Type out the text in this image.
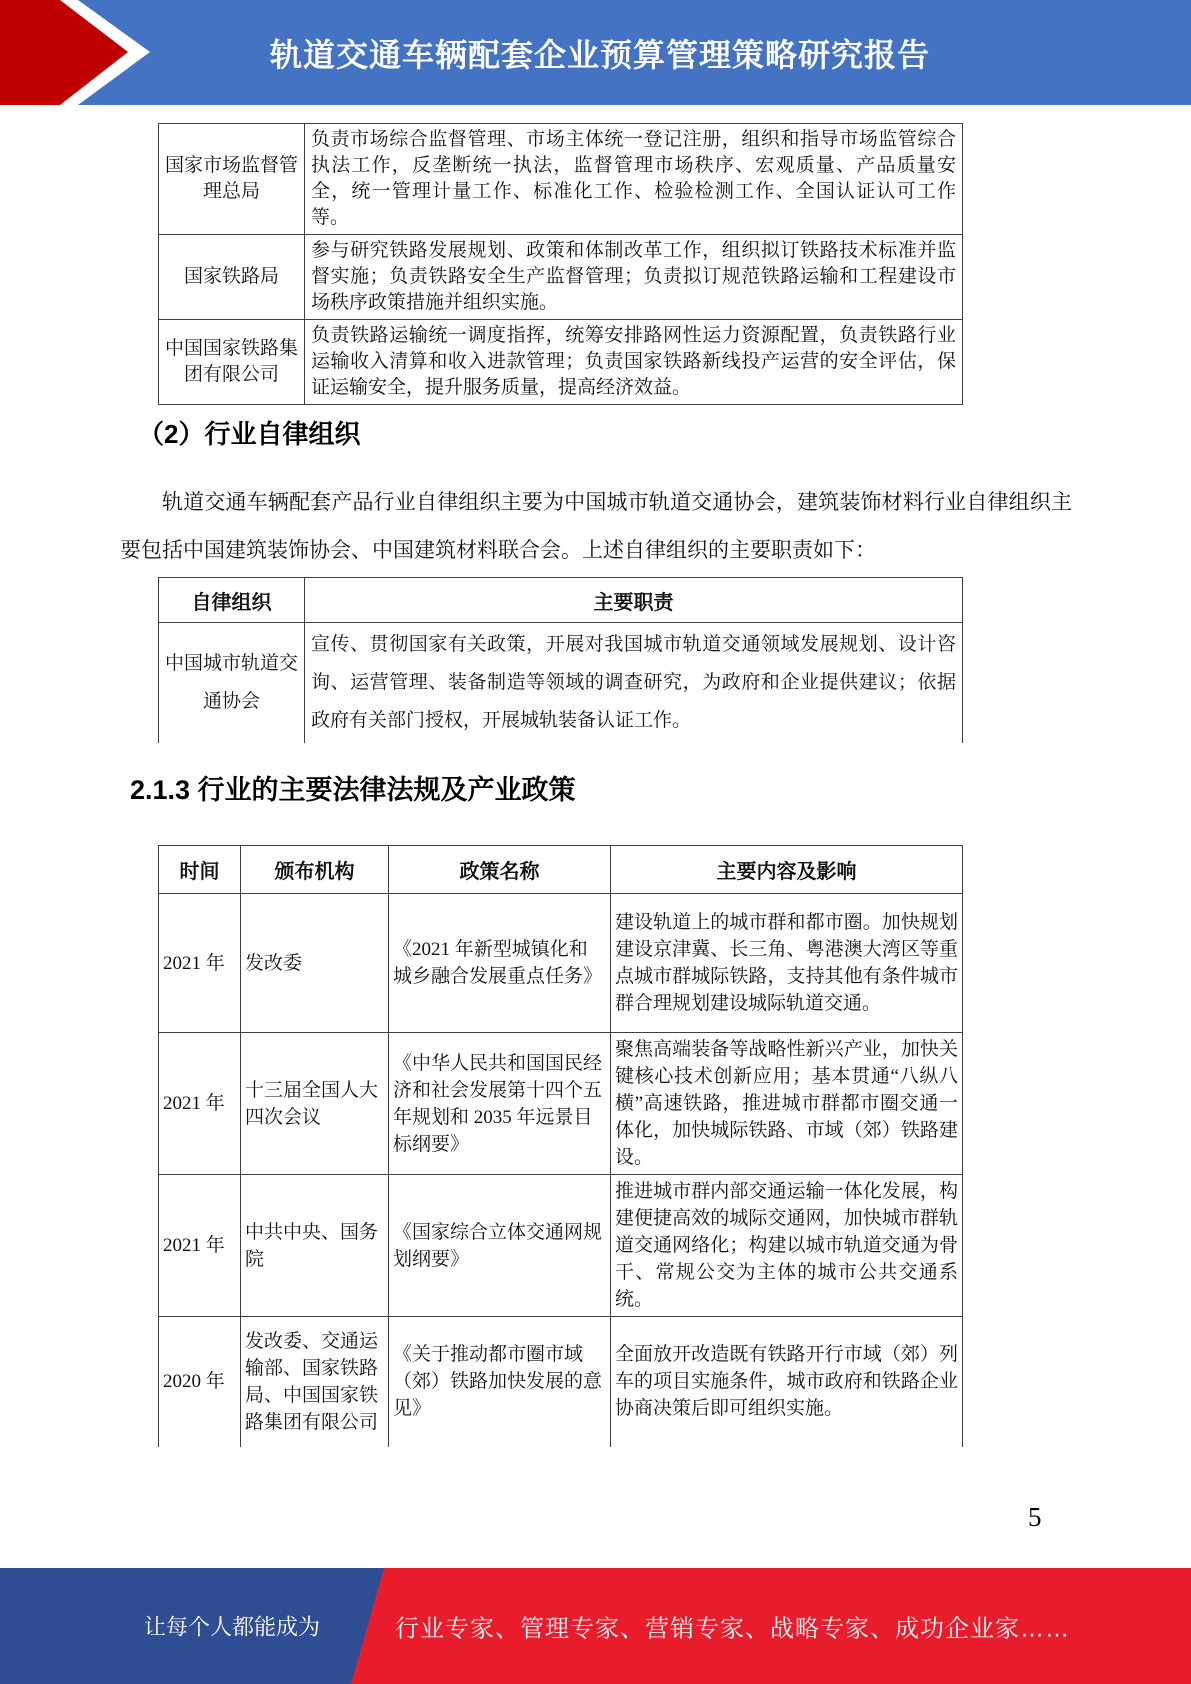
轨道交通车辆配套企业预算管理策略研究报告
国家市场监督管理总局	负责市场综合监督管理、市场主体统一登记注册，组织和指导市场监管综合执法工作，反垄断统一执法，监督管理市场秩序、宏观质量、产品质量安全，统一管理计量工作、标准化工作、检验检测工作、全国认证认可工作等。
国家铁路局	参与研究铁路发展规划、政策和体制改革工作，组织拟订铁路技术标准并监督实施；负责铁路安全生产监督管理；负责拟订规范铁路运输和工程建设市场秩序政策措施并组织实施。
中国国家铁路集团有限公司	负责铁路运输统一调度指挥，统筹安排路网性运力资源配置，负责铁路行业运输收入清算和收入进款管理；负责国家铁路新线投产运营的安全评估，保证运输安全，提升服务质量，提高经济效益。
（2）行业自律组织

轨道交通车辆配套产品行业自律组织主要为中国城市轨道交通协会，建筑装饰材料行业自律组织主要包括中国建筑装饰协会、中国建筑材料联合会。上述自律组织的主要职责如下：

自律组织	主要职责
中国城市轨道交通协会	宣传、贯彻国家有关政策，开展对我国城市轨道交通领域发展规划、设计咨询、运营管理、装备制造等领域的调查研究，为政府和企业提供建议；依据政府有关部门授权，开展城轨装备认证工作。
2.1.3 行业的主要法律法规及产业政策
时间	颁布机构	政策名称	主要内容及影响
2021 年	发改委	《2021 年新型城镇化和城乡融合发展重点任务》	建设轨道上的城市群和都市圈。加快规划建设京津冀、长三角、粤港澳大湾区等重点城市群城际铁路，支持其他有条件城市群合理规划建设城际轨道交通。
2021 年	十三届全国人大四次会议	《中华人民共和国国民经济和社会发展第十四个五年规划和 2035 年远景目标纲要》	聚焦高端装备等战略性新兴产业，加快关键核心技术创新应用；基本贯通“八纵八横”高速铁路，推进城市群都市圈交通一体化，加快城际铁路、市域（郊）铁路建设。
2021 年	中共中央、国务院	《国家综合立体交通网规划纲要》	推进城市群内部交通运输一体化发展，构建便捷高效的城际交通网，加快城市群轨道交通网络化；构建以城市轨道交通为骨干、常规公交为主体的城市公共交通系统。
2020 年	发改委、交通运输部、国家铁路局、中国国家铁路集团有限公司	《关于推动都市圈市域（郊）铁路加快发展的意见》	全面放开改造既有铁路开行市域（郊）列车的项目实施条件，城市政府和铁路企业协商决策后即可组织实施。
5
让每个人都能成为	行业专家、管理专家、营销专家、战略专家、成功企业家……
